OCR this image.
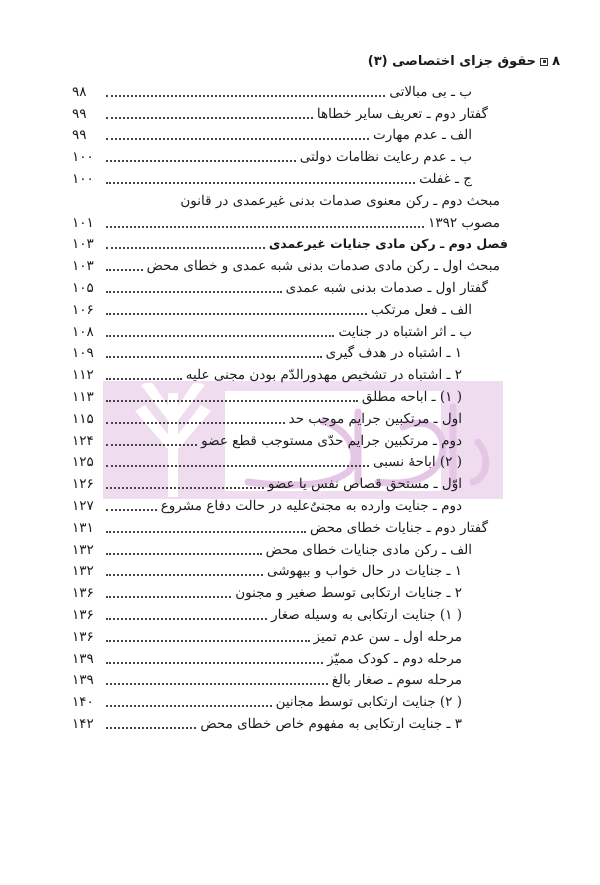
۸
حقوق جزای اختصاصی (۳)
ب ـ بی مبالاتی
۹۸
گفتار دوم ـ تعریف سایر خطاها
۹۹
الف ـ عدم مهارت
۹۹
ب ـ عدم رعایت نظامات دولتی
۱۰۰
ج ـ غفلت
۱۰۰
مبحث دوم ـ رکن معنوی صدمات بدنی غیرعمدی در قانون
مصوب ۱۳۹۲
۱۰۱
فصل دوم ـ رکن مادی جنایات غیرعمدی
۱۰۳
مبحث اول ـ رکن مادی صدمات بدنی شبه عمدی و خطای محض
۱۰۳
گفتار اول ـ صدمات بدنی شبه عمدی
۱۰۵
الف ـ فعل مرتکب
۱۰۶
ب ـ اثر اشتباه در جنایت
۱۰۸
۱ ـ اشتباه در هدف گیری
۱۰۹
۲ ـ اشتباه در تشخیص مهدورالدّم بودن مجنی علیه
۱۱۲
( ۱) ـ اباحه مطلق
۱۱۳
اول ـ مرتکبین جرایم موجب حد
۱۱۵
دوم ـ مرتکبین جرایم حدّی مستوجب قطع عضو
۱۲۴
( ۲) اباحهٔ نسبی
۱۲۵
اوّل ـ مستحق قصاص نفس یا عضو
۱۲۶
دوم ـ جنایت وارده به مجنیٌ‌علیه در حالت دفاع مشروع
۱۲۷
گفتار دوم ـ جنایات خطای محض
۱۳۱
الف ـ رکن مادی جنایات خطای محض
۱۳۲
۱ ـ جنایات در حال خواب و بیهوشی
۱۳۲
۲ ـ جنایات ارتکابی توسط صغیر و مجنون
۱۳۶
( ۱) جنایت ارتکابی به وسیله صغار
۱۳۶
مرحله اول ـ سن عدم تمیز
۱۳۶
مرحله دوم ـ کودک ممیّز
۱۳۹
مرحله سوم ـ صغار بالغ
۱۳۹
( ۲) جنایت ارتکابی توسط مجانین
۱۴۰
۳ ـ جنایت ارتکابی به مفهوم خاص خطای محض
۱۴۲
